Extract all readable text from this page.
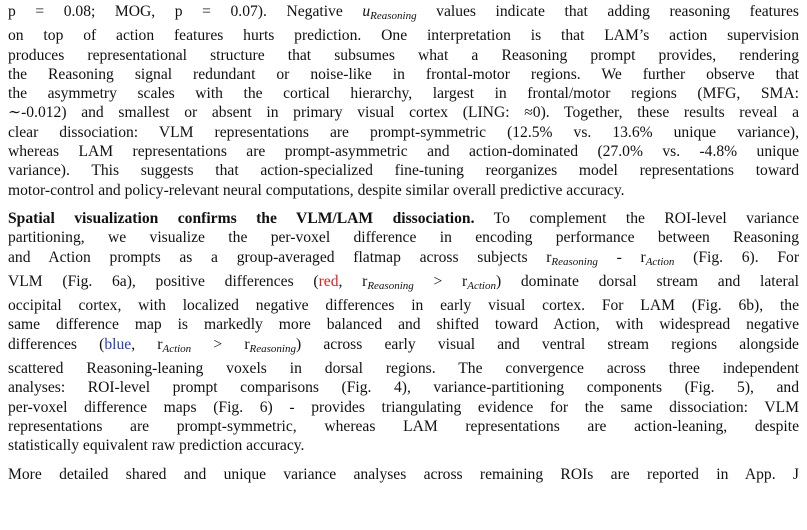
p = 0.08; MOG, p = 0.07). Negative $u_{Reasoning}$ values indicate that adding reasoning features
on top of action features hurts prediction. One interpretation is that LAM’s action supervision
produces representational structure that subsumes what a Reasoning prompt provides, rendering
the Reasoning signal redundant or noise-like in frontal-motor regions. We further observe that
the asymmetry scales with the cortical hierarchy, largest in frontal/motor regions (MFG, SMA:
∼-0.012) and smallest or absent in primary visual cortex (LING: ≈0). Together, these results reveal a
clear dissociation: VLM representations are prompt-symmetric (12.5% vs. 13.6% unique variance),
whereas LAM representations are prompt-asymmetric and action-dominated (27.0% vs. -4.8% unique
variance). This suggests that action-specialized fine-tuning reorganizes model representations toward
motor-control and policy-relevant neural computations, despite similar overall predictive accuracy.
Spatial visualization confirms the VLM/LAM dissociation. To complement the ROI-level variance
partitioning, we visualize the per-voxel difference in encoding performance between Reasoning
and Action prompts as a group-averaged flatmap across subjects $r_{Reasoning} - r_{Action}$ (Fig. 6). For
VLM (Fig. 6a), positive differences (red, $r_{Reasoning} > r_{Action}$) dominate dorsal stream and lateral
occipital cortex, with localized negative differences in early visual cortex. For LAM (Fig. 6b), the
same difference map is markedly more balanced and shifted toward Action, with widespread negative
differences (blue, $r_{Action} > r_{Reasoning}$) across early visual and ventral stream regions alongside
scattered Reasoning-leaning voxels in dorsal regions. The convergence across three independent
analyses: ROI-level prompt comparisons (Fig. 4), variance-partitioning components (Fig. 5), and
per-voxel difference maps (Fig. 6) - provides triangulating evidence for the same dissociation: VLM
representations are prompt-symmetric, whereas LAM representations are action-leaning, despite
statistically equivalent raw prediction accuracy.
More detailed shared and unique variance analyses across remaining ROIs are reported in App. J
